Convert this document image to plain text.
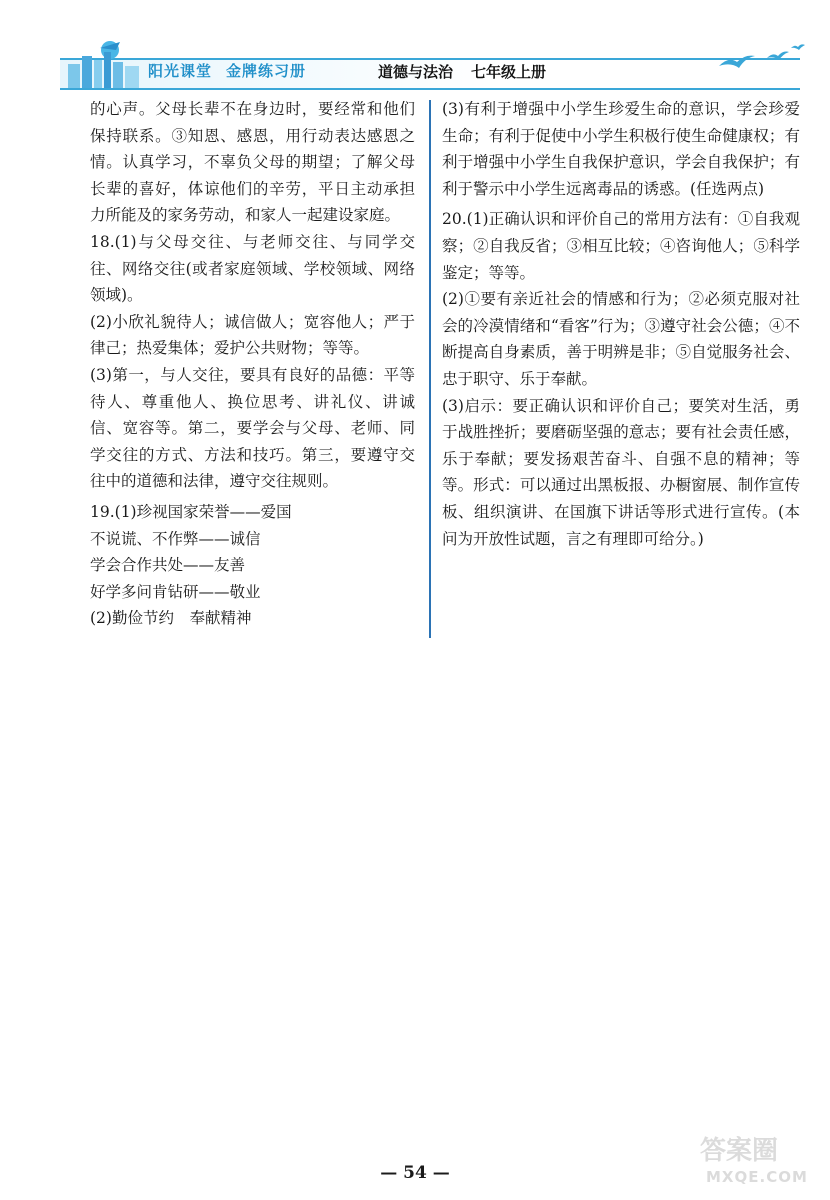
阳光课堂 金牌练习册	道德与法治 七年级上册

的心声。父母长辈不在身边时，要经常和他们保持联系。③知恩、感恩，用行动表达感恩之情。认真学习，不辜负父母的期望；了解父母长辈的喜好，体谅他们的辛劳，平日主动承担力所能及的家务劳动，和家人一起建设家庭。

18.(1)与父母交往、与老师交往、与同学交往、网络交往(或者家庭领域、学校领域、网络领域)。

(2)小欣礼貌待人；诚信做人；宽容他人；严于律己；热爱集体；爱护公共财物；等等。

(3)第一，与人交往，要具有良好的品德：平等待人、尊重他人、换位思考、讲礼仪、讲诚信、宽容等。第二，要学会与父母、老师、同学交往的方式、方法和技巧。第三，要遵守交往中的道德和法律，遵守交往规则。

19.(1)珍视国家荣誉——爱国

不说谎、不作弊——诚信

学会合作共处——友善

好学多问肯钻研——敬业

(2)勤俭节约　奉献精神

(3)有利于增强中小学生珍爱生命的意识，学会珍爱生命；有利于促使中小学生积极行使生命健康权；有利于增强中小学生自我保护意识，学会自我保护；有利于警示中小学生远离毒品的诱惑。(任选两点)

20.(1)正确认识和评价自己的常用方法有：①自我观察；②自我反省；③相互比较；④咨询他人；⑤科学鉴定；等等。

(2)①要有亲近社会的情感和行为；②必须克服对社会的冷漠情绪和“看客”行为；③遵守社会公德；④不断提高自身素质，善于明辨是非；⑤自觉服务社会、忠于职守、乐于奉献。

(3)启示：要正确认识和评价自己；要笑对生活，勇于战胜挫折；要磨砺坚强的意志；要有社会责任感，乐于奉献；要发扬艰苦奋斗、自强不息的精神；等等。形式：可以通过出黑板报、办橱窗展、制作宣传板、组织演讲、在国旗下讲话等形式进行宣传。(本问为开放性试题，言之有理即可给分。)

— 54 —
答案圈
MXQE.COM
